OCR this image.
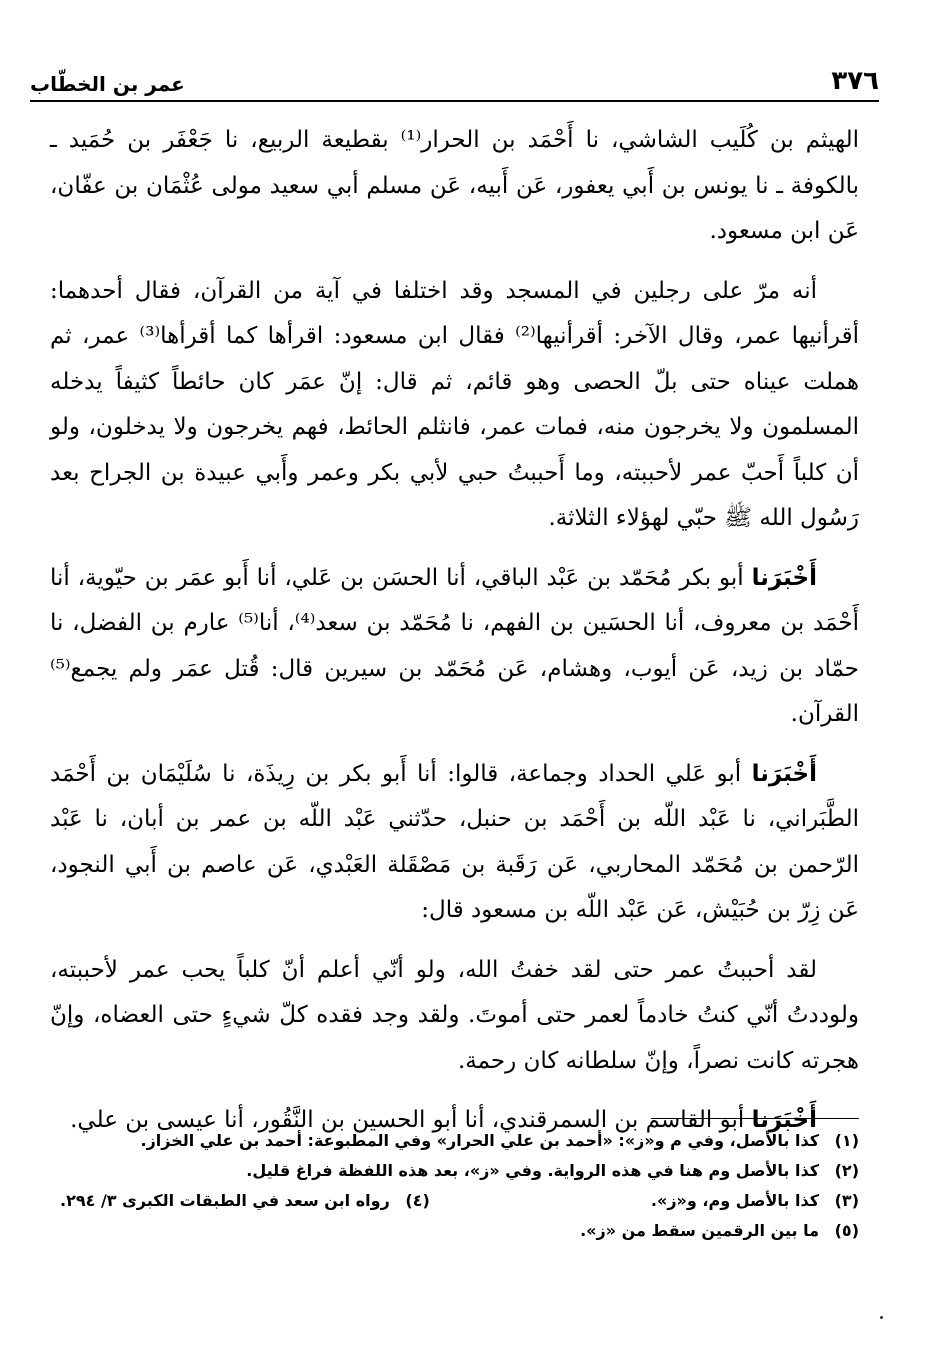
٣٧٦
عمر بن الخطّاب

الهيثم بن كُلَيب الشاشي، نا أَحْمَد بن الحرار⁽¹⁾ بقطيعة الربيع، نا جَعْفَر بن حُمَيد ـ بالكوفة ـ نا يونس بن أَبي يعفور، عَن أَبيه، عَن مسلم أبي سعيد مولى عُثْمَان بن عفّان، عَن ابن مسعود.

أنه مرّ على رجلين في المسجد وقد اختلفا في آية من القرآن، فقال أحدهما: أقرأنيها عمر، وقال الآخر: أقرأنيها⁽²⁾ فقال ابن مسعود: اقرأها كما أقرأها⁽³⁾ عمر، ثم هملت عيناه حتى بلّ الحصى وهو قائم، ثم قال: إنّ عمَر كان حائطاً كثيفاً يدخله المسلمون ولا يخرجون منه، فمات عمر، فانثلم الحائط، فهم يخرجون ولا يدخلون، ولو أن كلباً أَحبّ عمر لأحببته، وما أَحببتُ حبي لأبي بكر وعمر وأَبي عبيدة بن الجراح بعد رَسُول الله ﷺ حبّي لهؤلاء الثلاثة.

أَخْبَرَنا أبو بكر مُحَمّد بن عَبْد الباقي، أنا الحسَن بن عَلي، أنا أَبو عمَر بن حيّوية، أنا أَحْمَد بن معروف، أنا الحسَين بن الفهم، نا مُحَمّد بن سعد⁽⁴⁾، أنا⁽⁵⁾ عارم بن الفضل، نا حمّاد بن زيد، عَن أيوب، وهشام، عَن مُحَمّد بن سيرين قال: قُتل عمَر ولم يجمع⁽⁵⁾ القرآن.

أَخْبَرَنا أبو عَلي الحداد وجماعة، قالوا: أنا أَبو بكر بن رِيذَة، نا سُلَيْمَان بن أَحْمَد الطَّبَراني، نا عَبْد اللّه بن أَحْمَد بن حنبل، حدّثني عَبْد اللّه بن عمر بن أبان، نا عَبْد الرّحمن بن مُحَمّد المحاربي، عَن رَقَبة بن مَصْقَلة العَبْدي، عَن عاصم بن أَبي النجود، عَن زِرّ بن حُبَيْش، عَن عَبْد اللّه بن مسعود قال:

لقد أحببتُ عمر حتى لقد خفتُ الله، ولو أنّي أعلم أنّ كلباً يحب عمر لأحببته، ولوددتُ أنّي كنتُ خادماً لعمر حتى أموتَ. ولقد وجد فقده كلّ شيءٍ حتى العضاه، وإنّ هجرته كانت نصراً، وإنّ سلطانه كان رحمة.

أَخْبَرَنا أبو القاسم بن السمرقندي، أنا أبو الحسين بن النَّقُور، أنا عيسى بن علي.

(١)
كذا بالأصل، وفي م و«ز»: «أحمد بن علي الحرار» وفي المطبوعة: أحمد بن علي الخزاز.
(٢)
كذا بالأصل وم هنا في هذه الرواية. وفي «ز»، بعد هذه اللفظة فراغ قليل.
(٣)
كذا بالأصل وم، و«ز».
(٤)
رواه ابن سعد في الطبقات الكبرى ٣/ ٢٩٤.
(٥)
ما بين الرقمين سقط من «ز».
